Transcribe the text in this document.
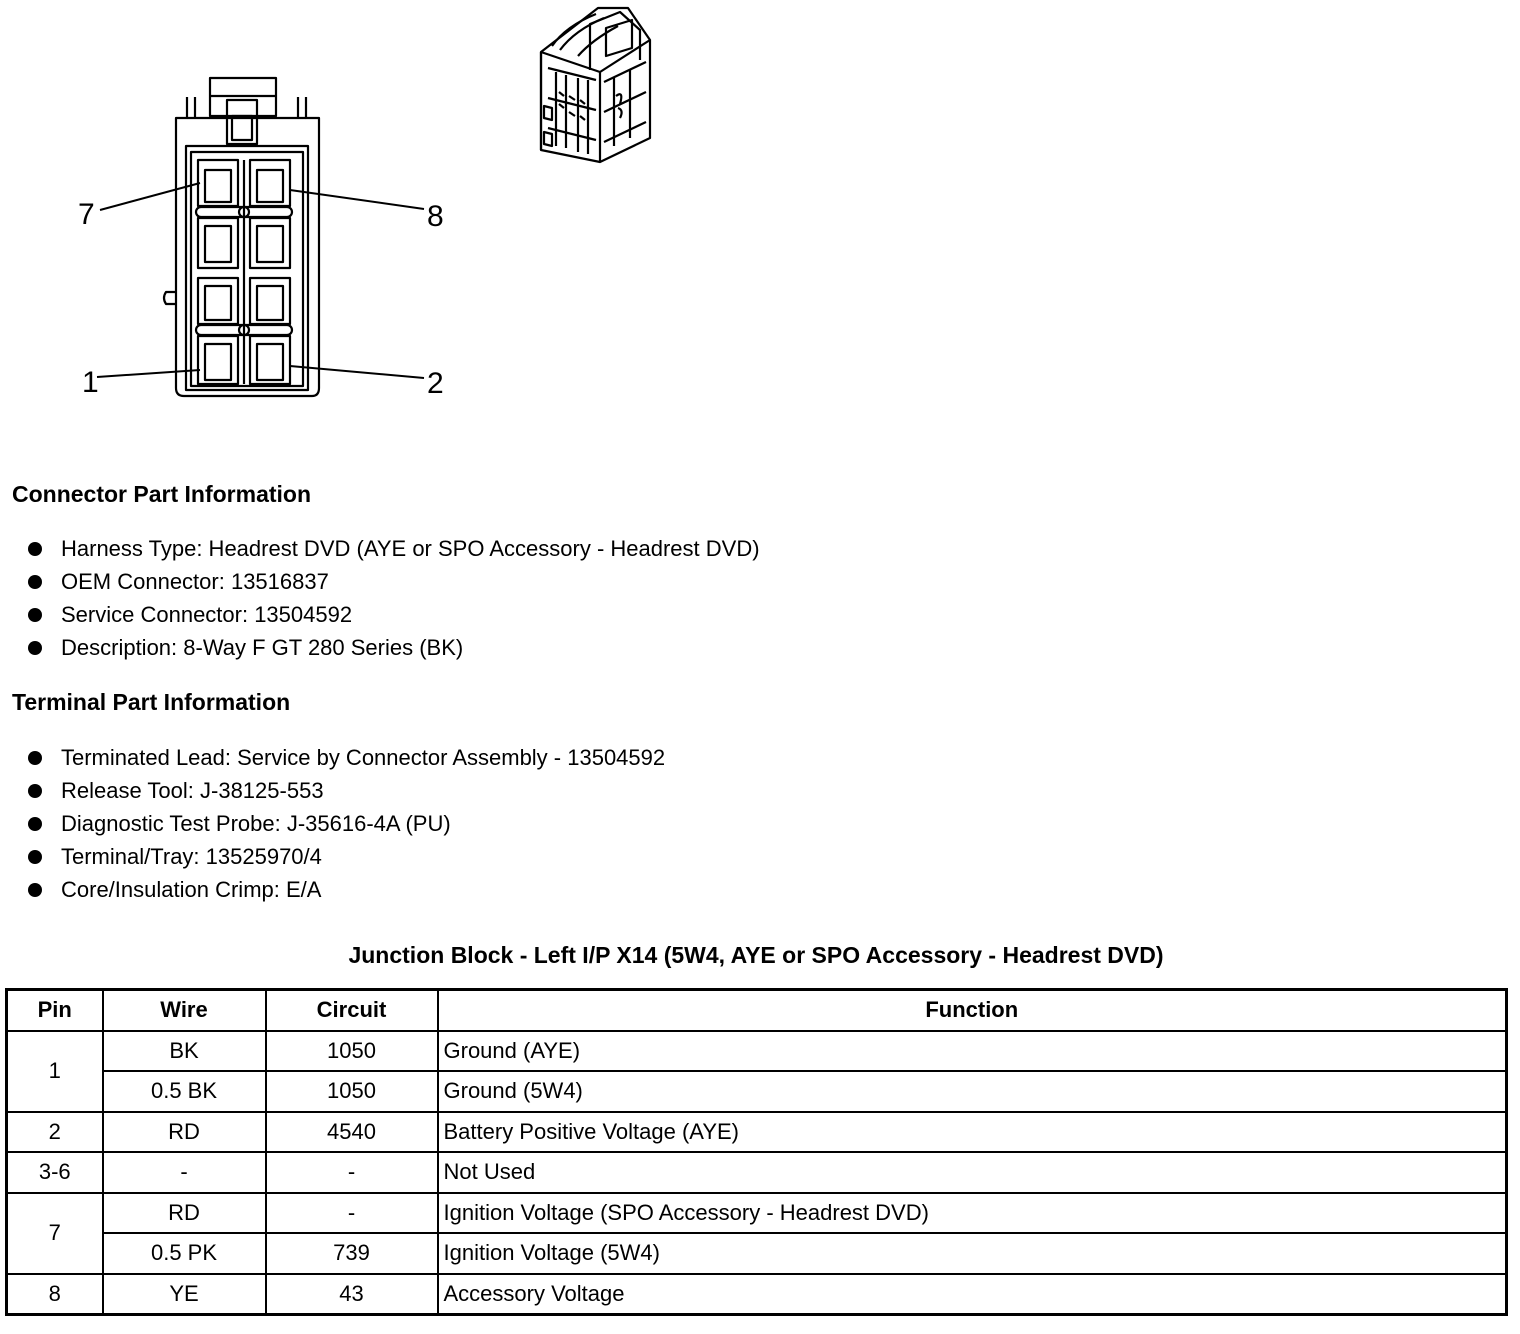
7	8
1	2
Connector Part Information
Harness Type: Headrest DVD (AYE or SPO Accessory - Headrest DVD)
OEM Connector: 13516837
Service Connector: 13504592
Description: 8-Way F GT 280 Series (BK)
Terminal Part Information
Terminated Lead: Service by Connector Assembly - 13504592
Release Tool: J-38125-553
Diagnostic Test Probe: J-35616-4A (PU)
Terminal/Tray: 13525970/4
Core/Insulation Crimp: E/A
Junction Block - Left I/P X14 (5W4, AYE or SPO Accessory - Headrest DVD)
Pin	Wire	Circuit	Function
1	BK	1050	Ground (AYE)
	0.5 BK	1050	Ground (5W4)
2	RD	4540	Battery Positive Voltage (AYE)
3-6	-	-	Not Used
7	RD	-	Ignition Voltage (SPO Accessory - Headrest DVD)
	0.5 PK	739	Ignition Voltage (5W4)
8	YE	43	Accessory Voltage
